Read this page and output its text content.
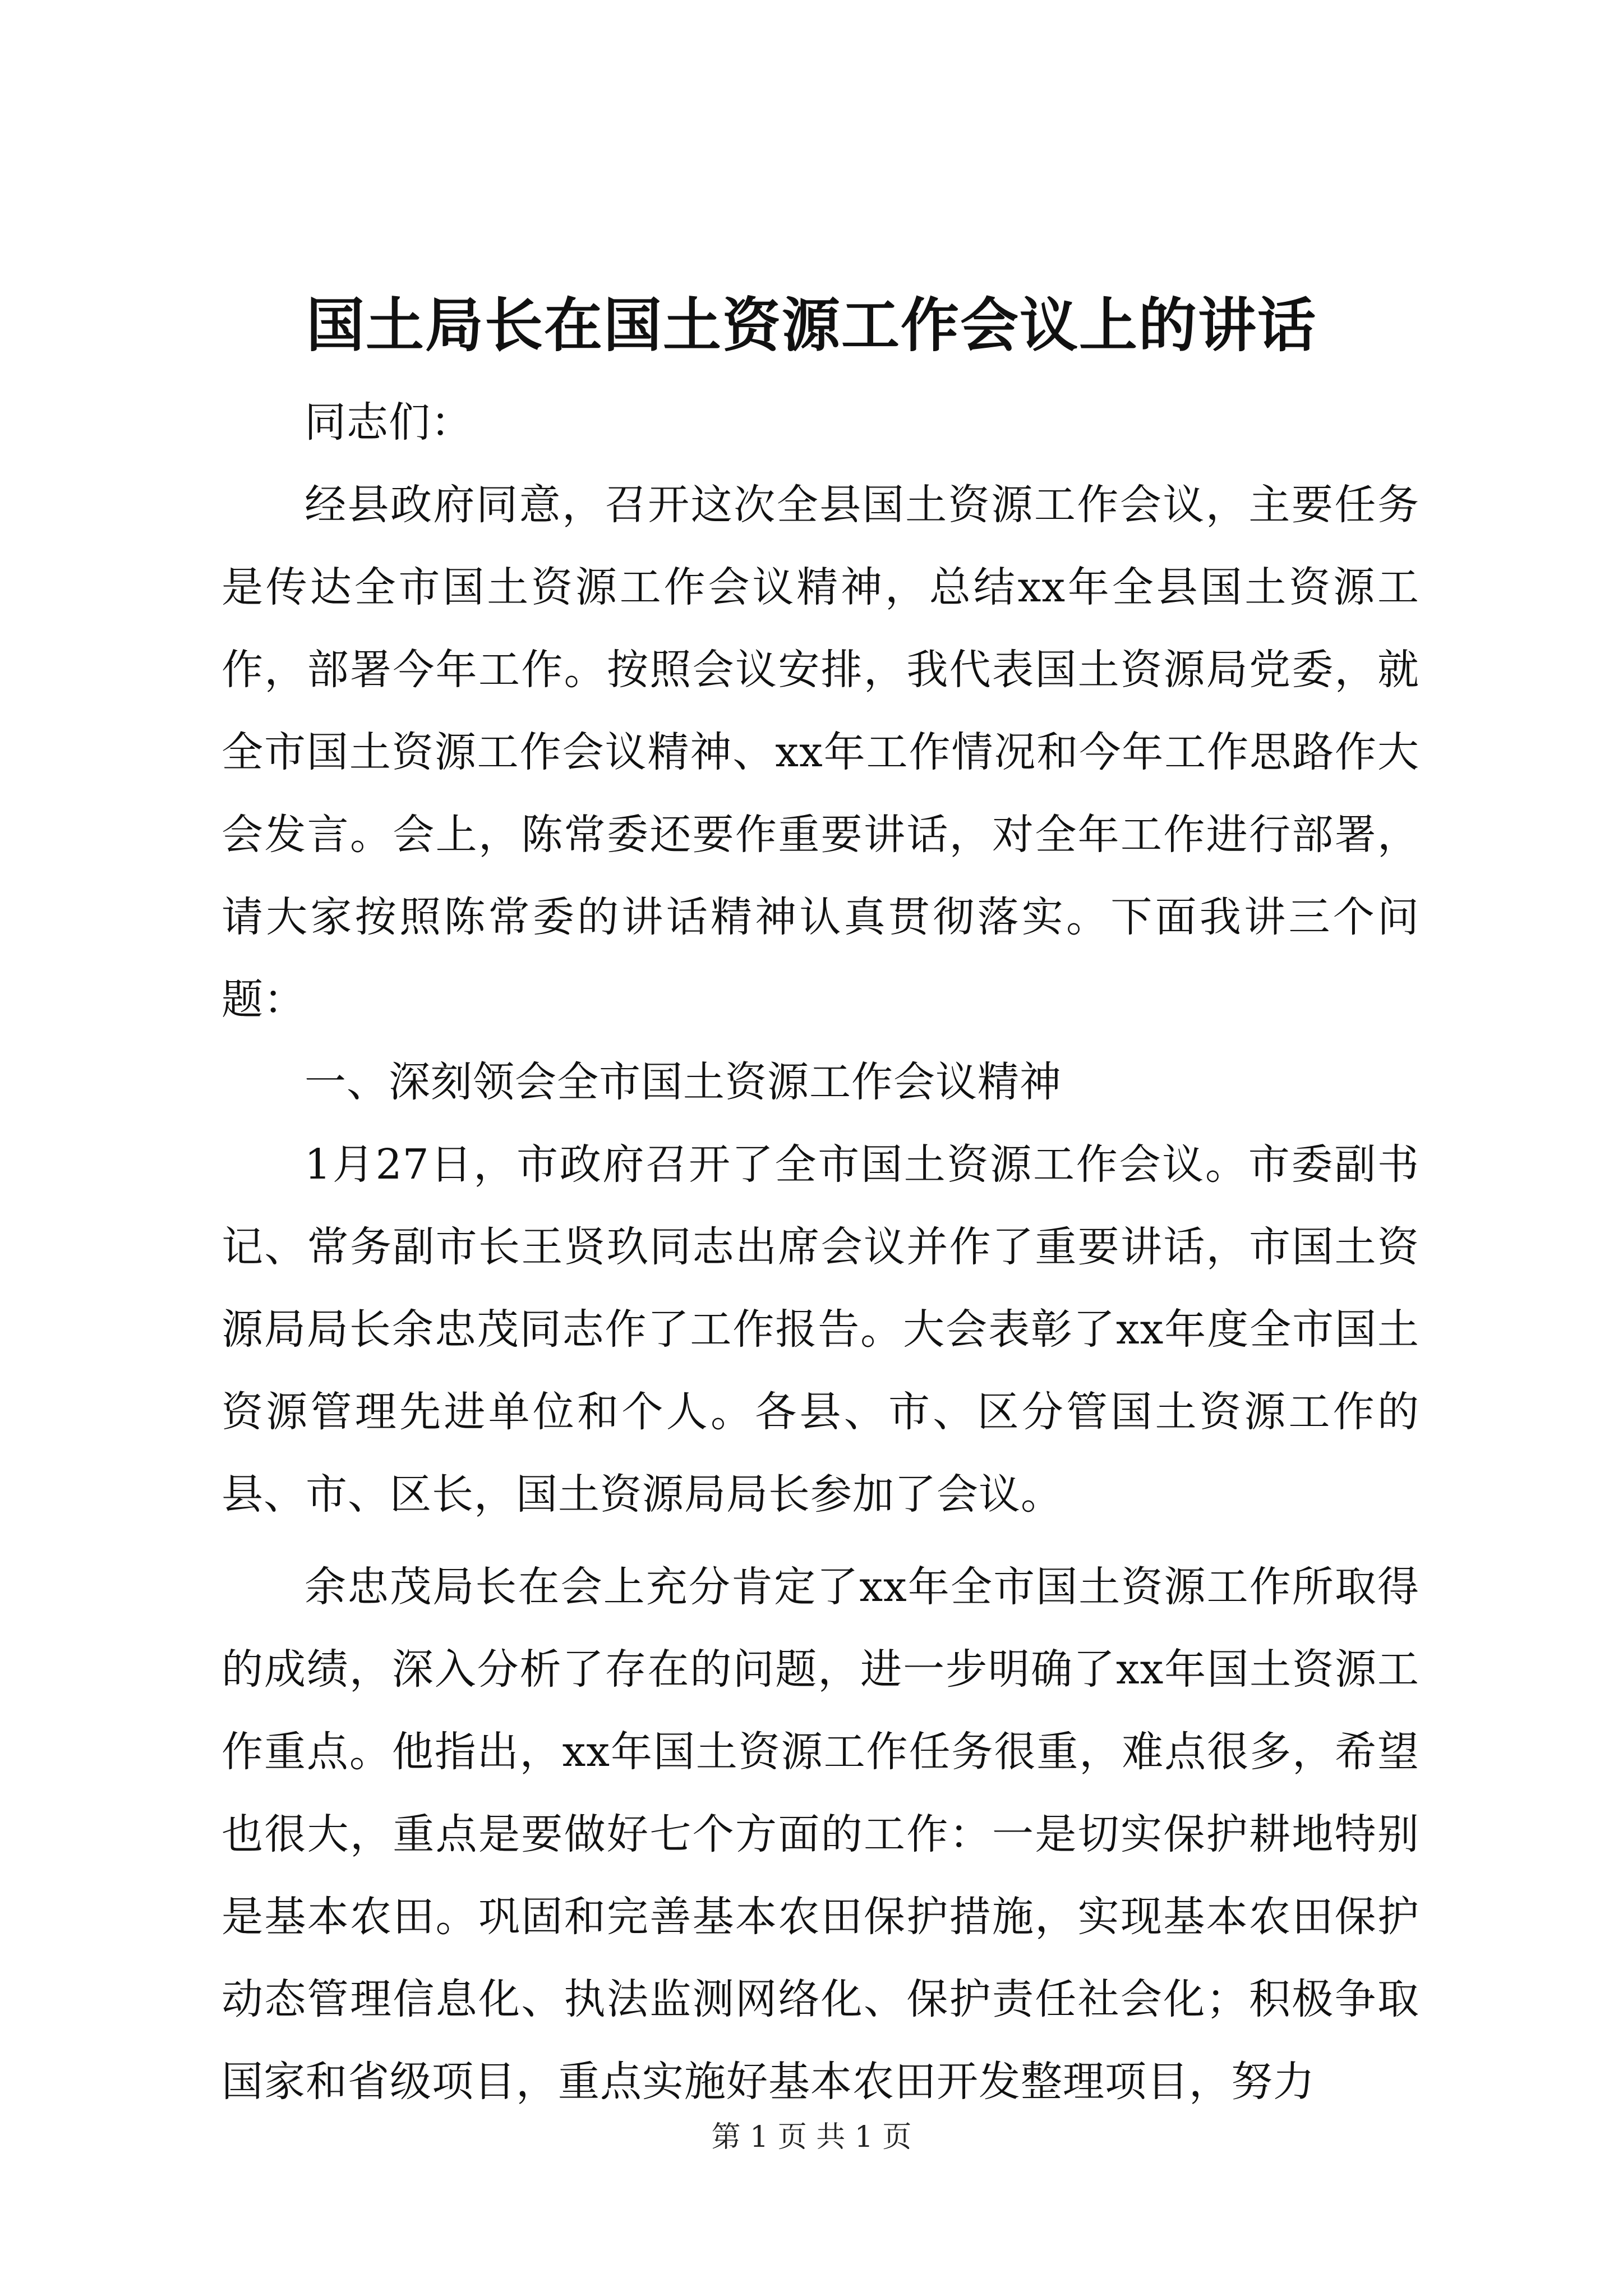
国土局长在国土资源工作会议上的讲话

同志们：

经县政府同意，召开这次全县国土资源工作会议，主要任务是传达全市国土资源工作会议精神，总结xx年全县国土资源工作，部署今年工作。按照会议安排，我代表国土资源局党委，就全市国土资源工作会议精神、xx年工作情况和今年工作思路作大会发言。会上，陈常委还要作重要讲话，对全年工作进行部署，请大家按照陈常委的讲话精神认真贯彻落实。下面我讲三个问题：

一、深刻领会全市国土资源工作会议精神

1月27日，市政府召开了全市国土资源工作会议。市委副书记、常务副市长王贤玖同志出席会议并作了重要讲话，市国土资源局局长余忠茂同志作了工作报告。大会表彰了xx年度全市国土资源管理先进单位和个人。各县、市、区分管国土资源工作的县、市、区长，国土资源局局长参加了会议。

余忠茂局长在会上充分肯定了xx年全市国土资源工作所取得的成绩，深入分析了存在的问题，进一步明确了xx年国土资源工作重点。他指出，xx年国土资源工作任务很重，难点很多，希望也很大，重点是要做好七个方面的工作：一是切实保护耕地特别是基本农田。巩固和完善基本农田保护措施，实现基本农田保护动态管理信息化、执法监测网络化、保护责任社会化；积极争取国家和省级项目，重点实施好基本农田开发整理项目，努力

第 1 页 共 1 页
